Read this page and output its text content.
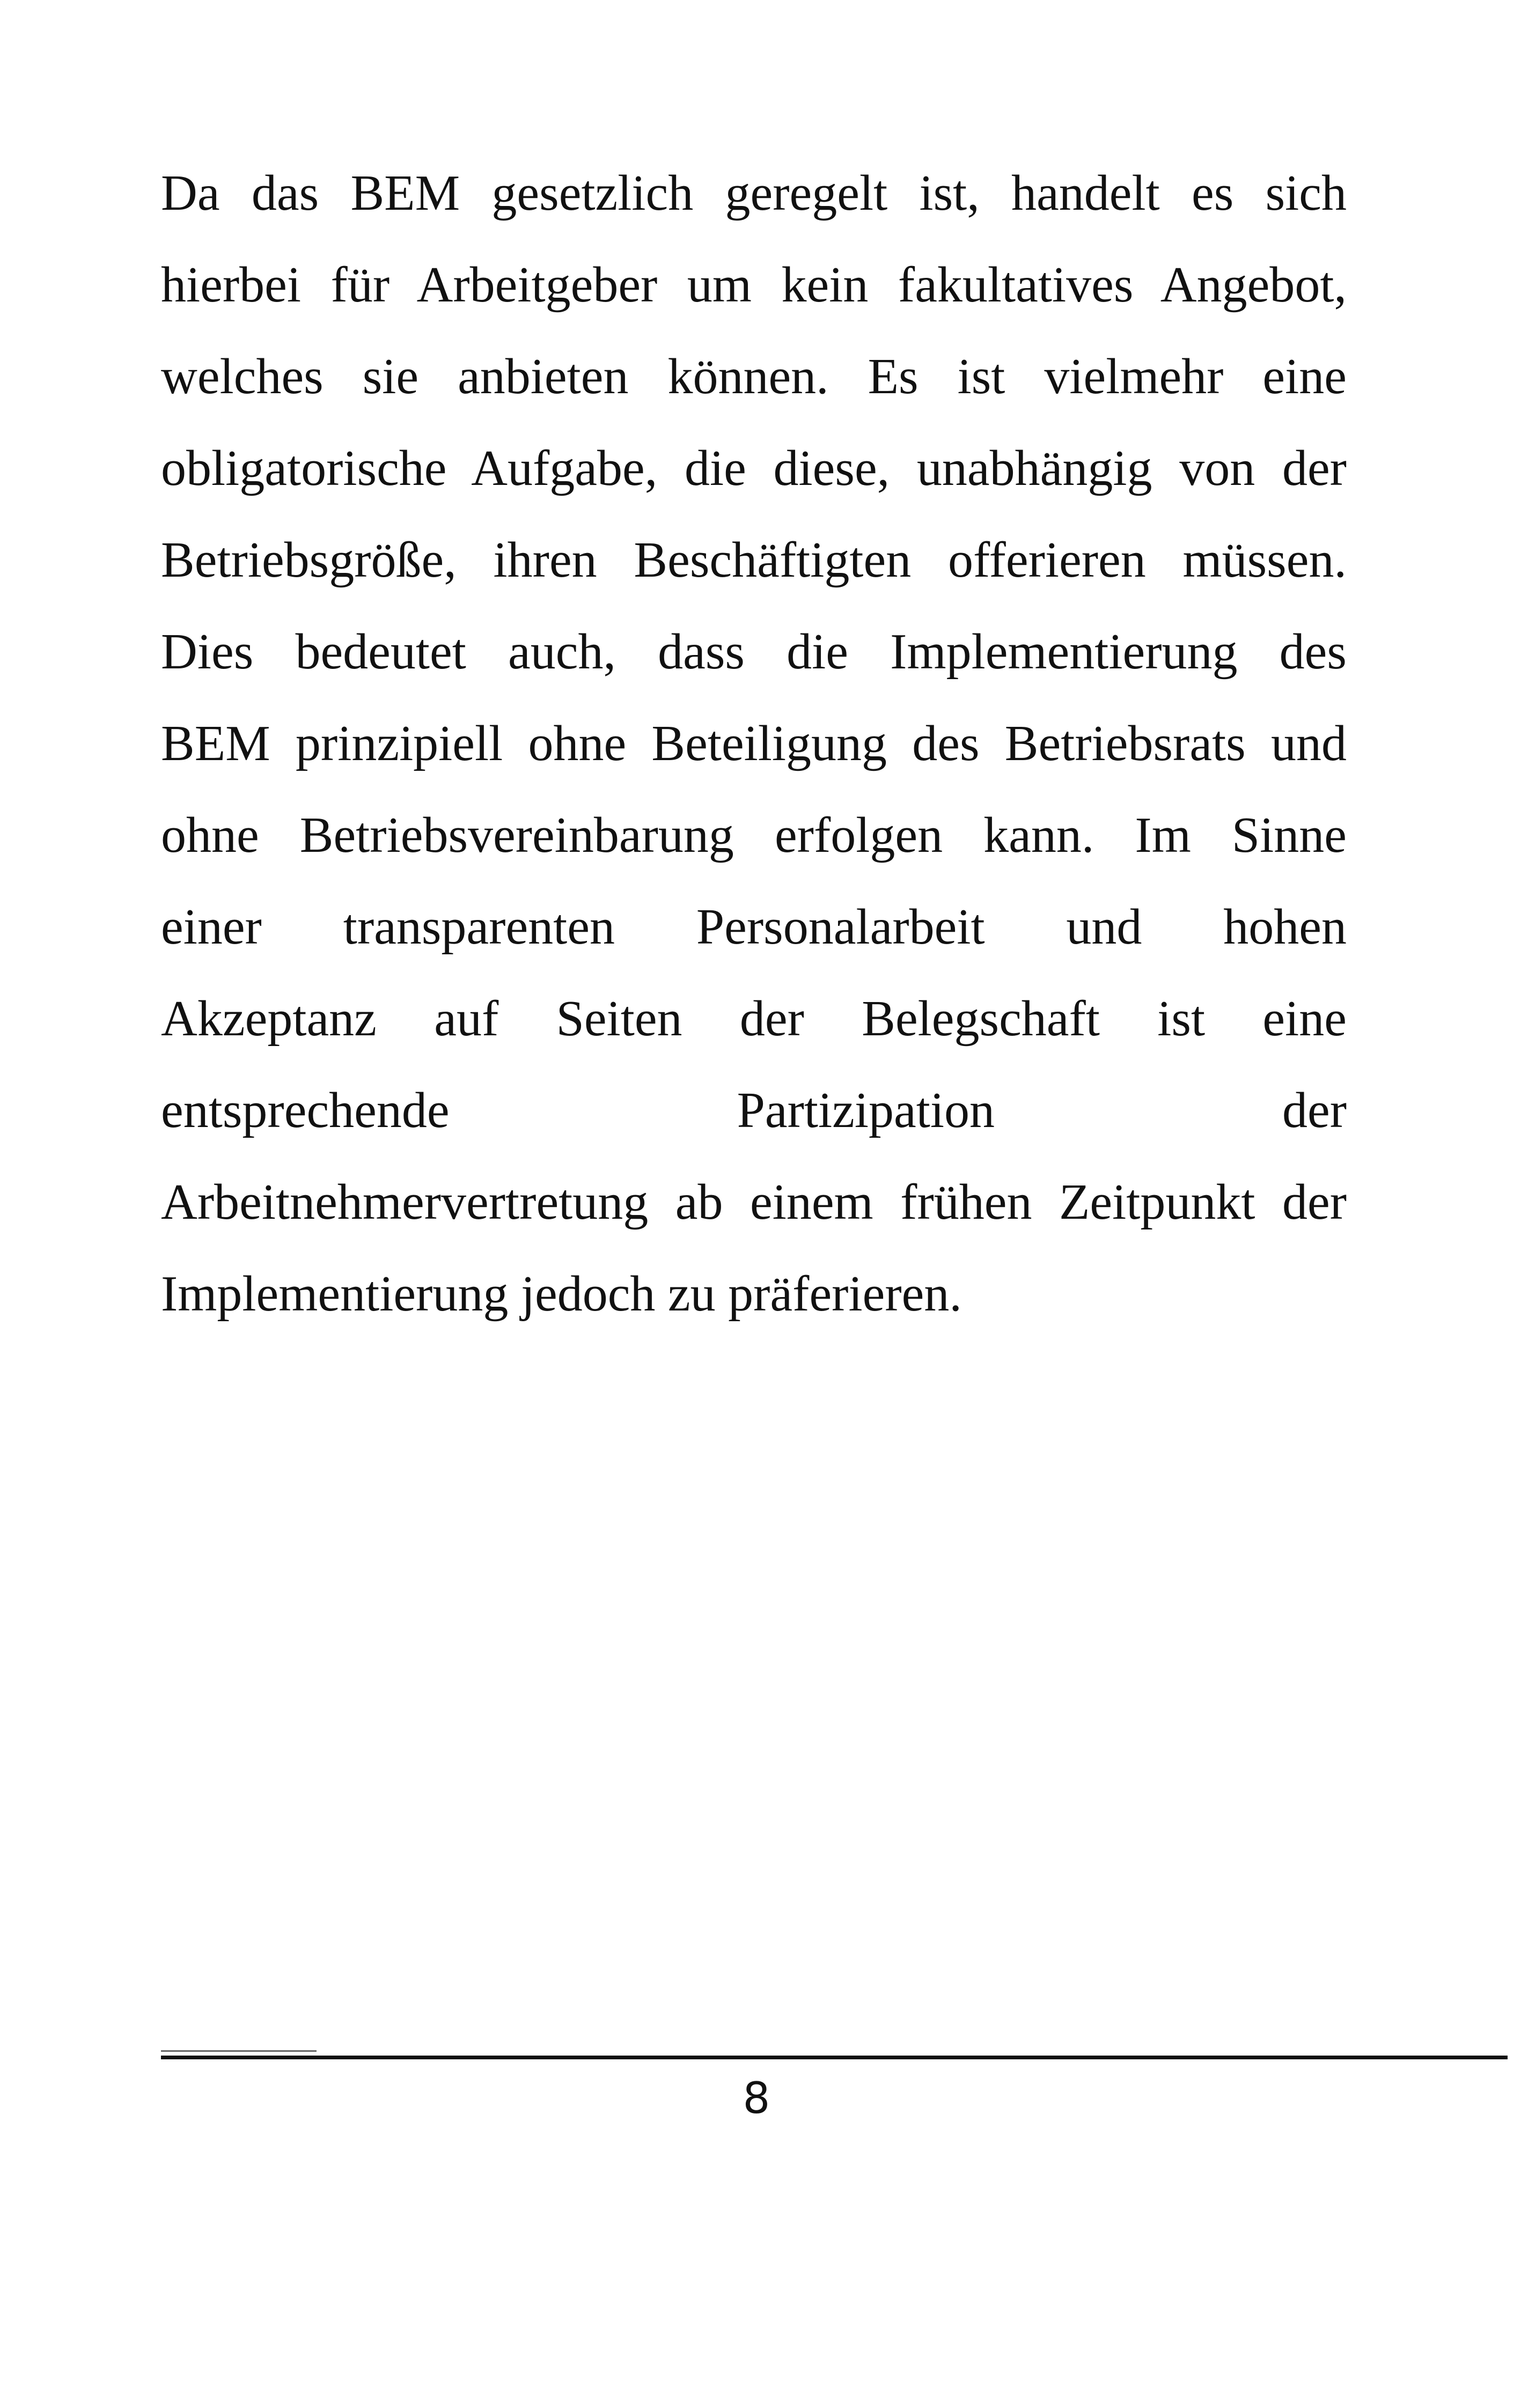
Da das BEM gesetzlich geregelt ist, handelt es sich
hierbei für Arbeitgeber um kein fakultatives Angebot,
welches sie anbieten können. Es ist vielmehr eine
obligatorische Aufgabe, die diese, unabhängig von der
Betriebsgröße, ihren Beschäftigten offerieren müssen.
Dies bedeutet auch, dass die Implementierung des
BEM prinzipiell ohne Beteiligung des Betriebsrats und
ohne Betriebsvereinbarung erfolgen kann. Im Sinne
einer transparenten Personalarbeit und hohen
Akzeptanz auf Seiten der Belegschaft ist eine
entsprechende Partizipation der
Arbeitnehmervertretung ab einem frühen Zeitpunkt der
Implementierung jedoch zu präferieren.
8
